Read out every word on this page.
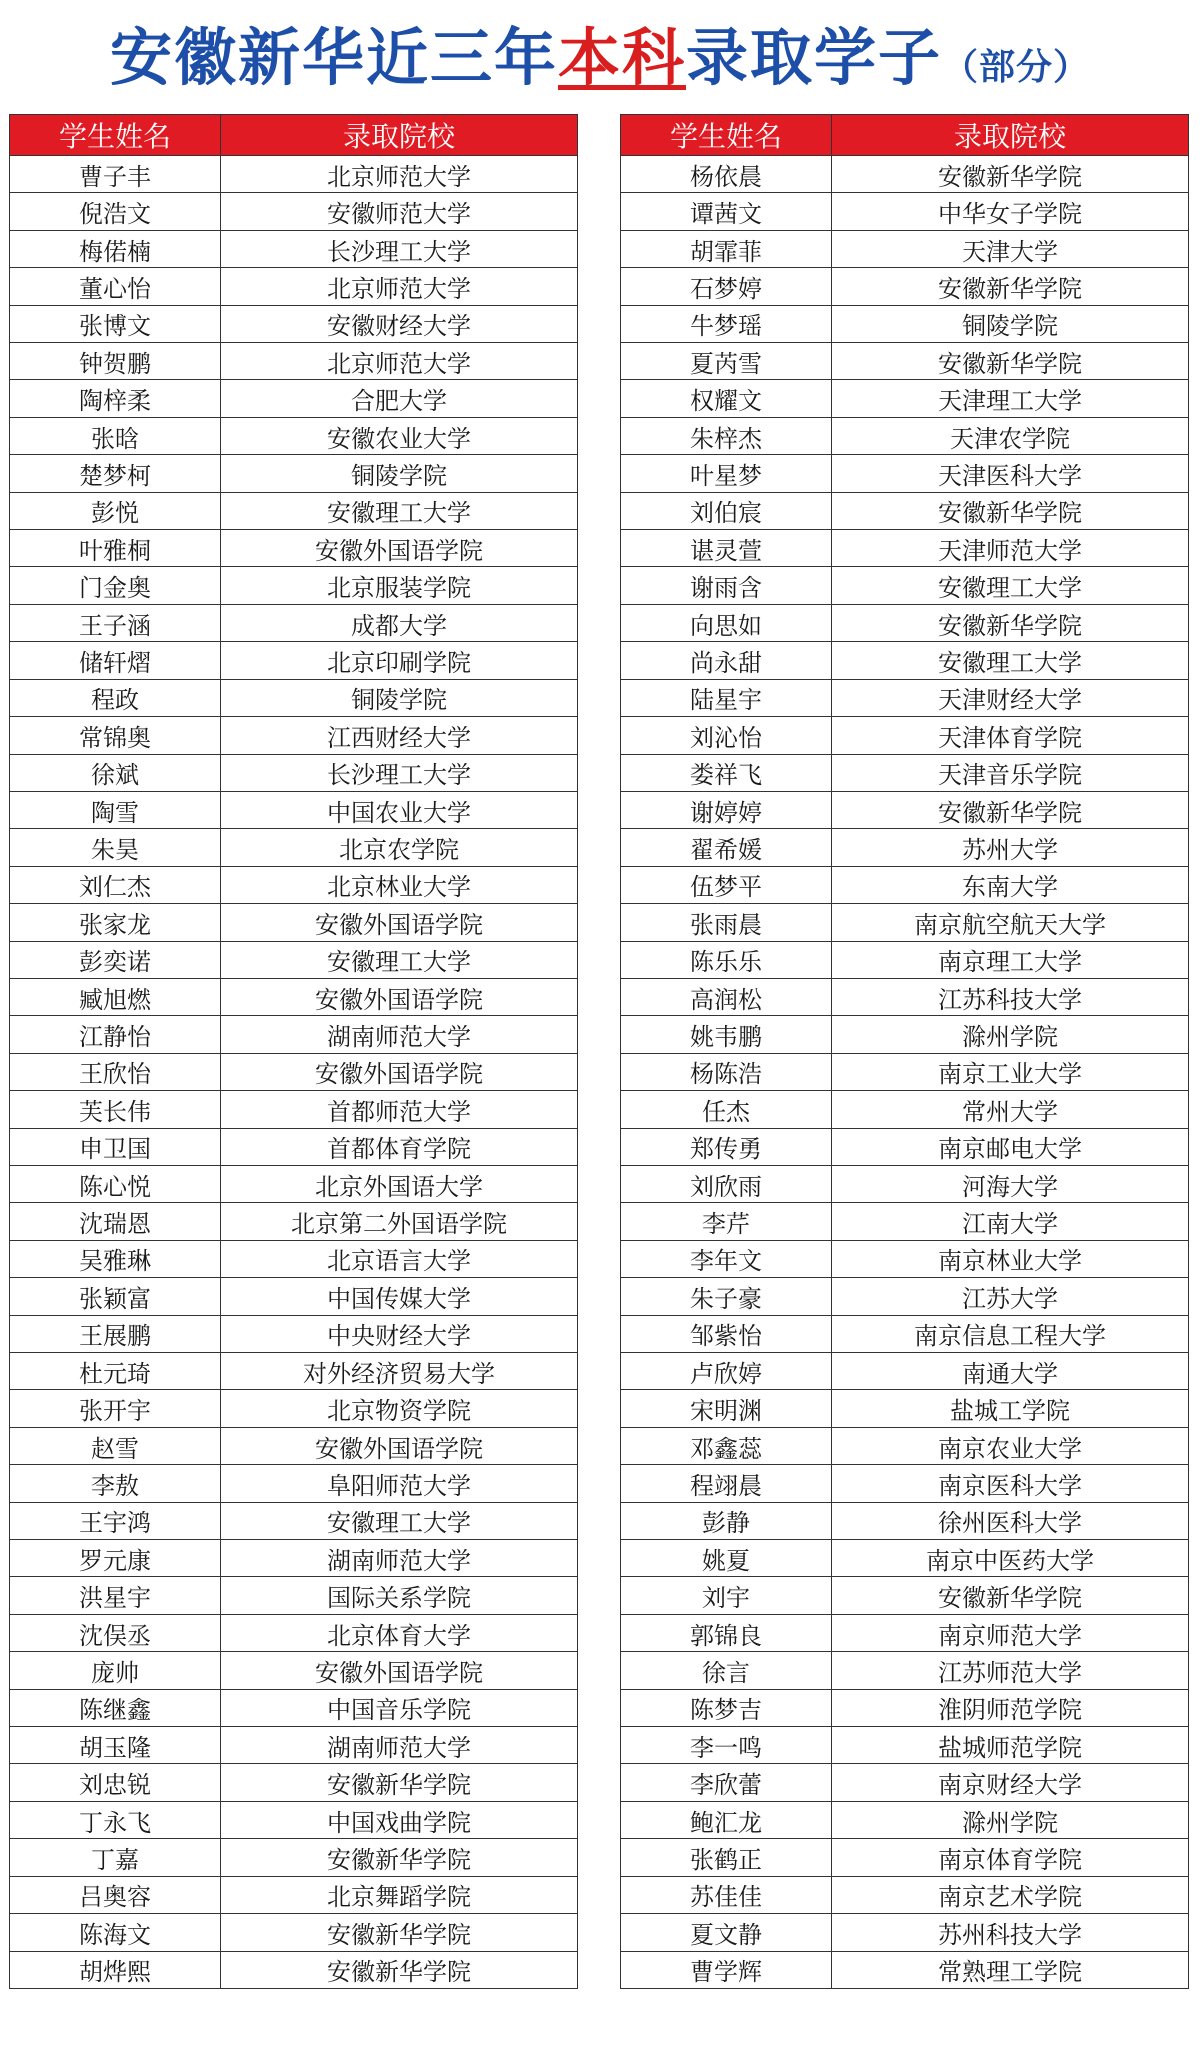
安徽新华近三年本科录取学子（部分）
学生姓名	录取院校
曹子丰	北京师范大学
倪浩文	安徽师范大学
梅偌楠	长沙理工大学
董心怡	北京师范大学
张博文	安徽财经大学
钟贺鹏	北京师范大学
陶梓柔	合肥大学
张晗	安徽农业大学
楚梦柯	铜陵学院
彭悦	安徽理工大学
叶雅桐	安徽外国语学院
门金奥	北京服装学院
王子涵	成都大学
储轩熠	北京印刷学院
程政	铜陵学院
常锦奥	江西财经大学
徐斌	长沙理工大学
陶雪	中国农业大学
朱昊	北京农学院
刘仁杰	北京林业大学
张家龙	安徽外国语学院
彭奕诺	安徽理工大学
臧旭燃	安徽外国语学院
江静怡	湖南师范大学
王欣怡	安徽外国语学院
芙长伟	首都师范大学
申卫国	首都体育学院
陈心悦	北京外国语大学
沈瑞恩	北京第二外国语学院
吴雅琳	北京语言大学
张颖富	中国传媒大学
王展鹏	中央财经大学
杜元琦	对外经济贸易大学
张开宇	北京物资学院
赵雪	安徽外国语学院
李敖	阜阳师范大学
王宇鸿	安徽理工大学
罗元康	湖南师范大学
洪星宇	国际关系学院
沈俣丞	北京体育大学
庞帅	安徽外国语学院
陈继鑫	中国音乐学院
胡玉隆	湖南师范大学
刘忠锐	安徽新华学院
丁永飞	中国戏曲学院
丁嘉	安徽新华学院
吕奥容	北京舞蹈学院
陈海文	安徽新华学院
胡烨熙	安徽新华学院
学生姓名	录取院校
杨依晨	安徽新华学院
谭茜文	中华女子学院
胡霏菲	天津大学
石梦婷	安徽新华学院
牛梦瑶	铜陵学院
夏芮雪	安徽新华学院
权耀文	天津理工大学
朱梓杰	天津农学院
叶星梦	天津医科大学
刘伯宸	安徽新华学院
谌灵萱	天津师范大学
谢雨含	安徽理工大学
向思如	安徽新华学院
尚永甜	安徽理工大学
陆星宇	天津财经大学
刘沁怡	天津体育学院
娄祥飞	天津音乐学院
谢婷婷	安徽新华学院
翟希媛	苏州大学
伍梦平	东南大学
张雨晨	南京航空航天大学
陈乐乐	南京理工大学
高润松	江苏科技大学
姚韦鹏	滁州学院
杨陈浩	南京工业大学
任杰	常州大学
郑传勇	南京邮电大学
刘欣雨	河海大学
李芹	江南大学
李年文	南京林业大学
朱子豪	江苏大学
邹紫怡	南京信息工程大学
卢欣婷	南通大学
宋明渊	盐城工学院
邓鑫蕊	南京农业大学
程翊晨	南京医科大学
彭静	徐州医科大学
姚夏	南京中医药大学
刘宇	安徽新华学院
郭锦良	南京师范大学
徐言	江苏师范大学
陈梦吉	淮阴师范学院
李一鸣	盐城师范学院
李欣蕾	南京财经大学
鲍汇龙	滁州学院
张鹤正	南京体育学院
苏佳佳	南京艺术学院
夏文静	苏州科技大学
曹学辉	常熟理工学院
